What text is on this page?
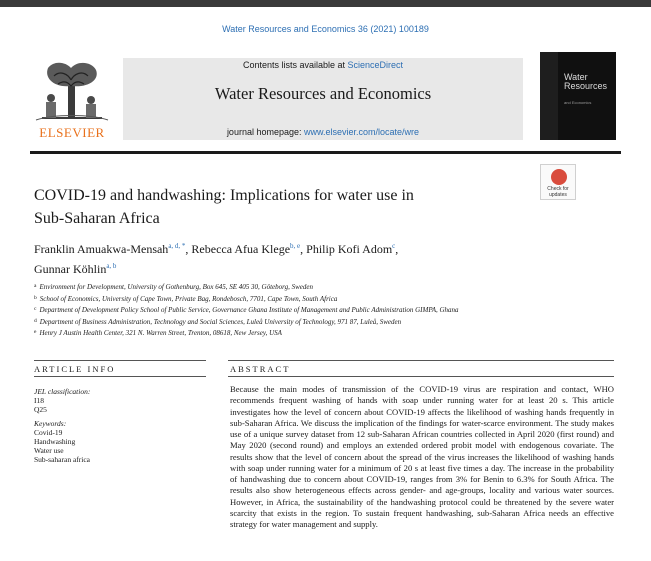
Water Resources and Economics 36 (2021) 100189
ELSEVIER
Contents lists available at ScienceDirect
Water Resources and Economics
journal homepage: www.elsevier.com/locate/wre
Water
Resources
and Economics
COVID-19 and handwashing: Implications for water use in
Sub-Saharan Africa
Check for
updates
Franklin Amuakwa-Mensah$^{a, d, *}$, Rebecca Afua Klege$^{b, e}$, Philip Kofi Adom$^c$,
Gunnar Köhlin$^{a, b}$
$^a$ Environment for Development, University of Gothenburg, Box 645, SE 405 30, Göteborg, Sweden
$^b$ School of Economics, University of Cape Town, Private Bag, Rondebosch, 7701, Cape Town, South Africa
$^c$ Department of Development Policy School of Public Service, Governance Ghana Institute of Management and Public Administration GIMPA, Ghana
$^d$ Department of Business Administration, Technology and Social Sciences, Luleå University of Technology, 971 87, Luleå, Sweden
$^e$ Henry J Austin Health Center, 321 N. Warren Street, Trenton, 08618, New Jersey, USA
ARTICLE INFO	ABSTRACT
JEL classification:
I18
Q25
Keywords:
Covid-19
Handwashing
Water use
Sub-saharan africa
Because the main modes of transmission of the COVID-19 virus are respiration and contact, WHO recommends frequent washing of hands with soap under running water for at least 20 s. This article investigates how the level of concern about COVID-19 affects the likelihood of washing hands frequently in sub-Saharan Africa. We discuss the implication of the findings for water-scarce environment. The study makes use of a unique survey dataset from 12 sub-Saharan African countries collected in April 2020 (first round) and May 2020 (second round) and employs an extended ordered probit model with endogenous covariate. The results show that the level of concern about the spread of the virus increases the likelihood of washing hands with soap under running water for a minimum of 20 s at least five times a day. The increase in the probability of handwashing due to concern about COVID-19, ranges from 3% for Benin to 6.3% for South Africa. The results also show heterogeneous effects across gender- and age-groups, locality and various water sources. However, in Africa, the sustainability of the handwashing protocol could be threatened by the severe water scarcity that exists in the region. To sustain frequent handwashing, sub-Saharan Africa needs an effective strategy for water management and supply.
